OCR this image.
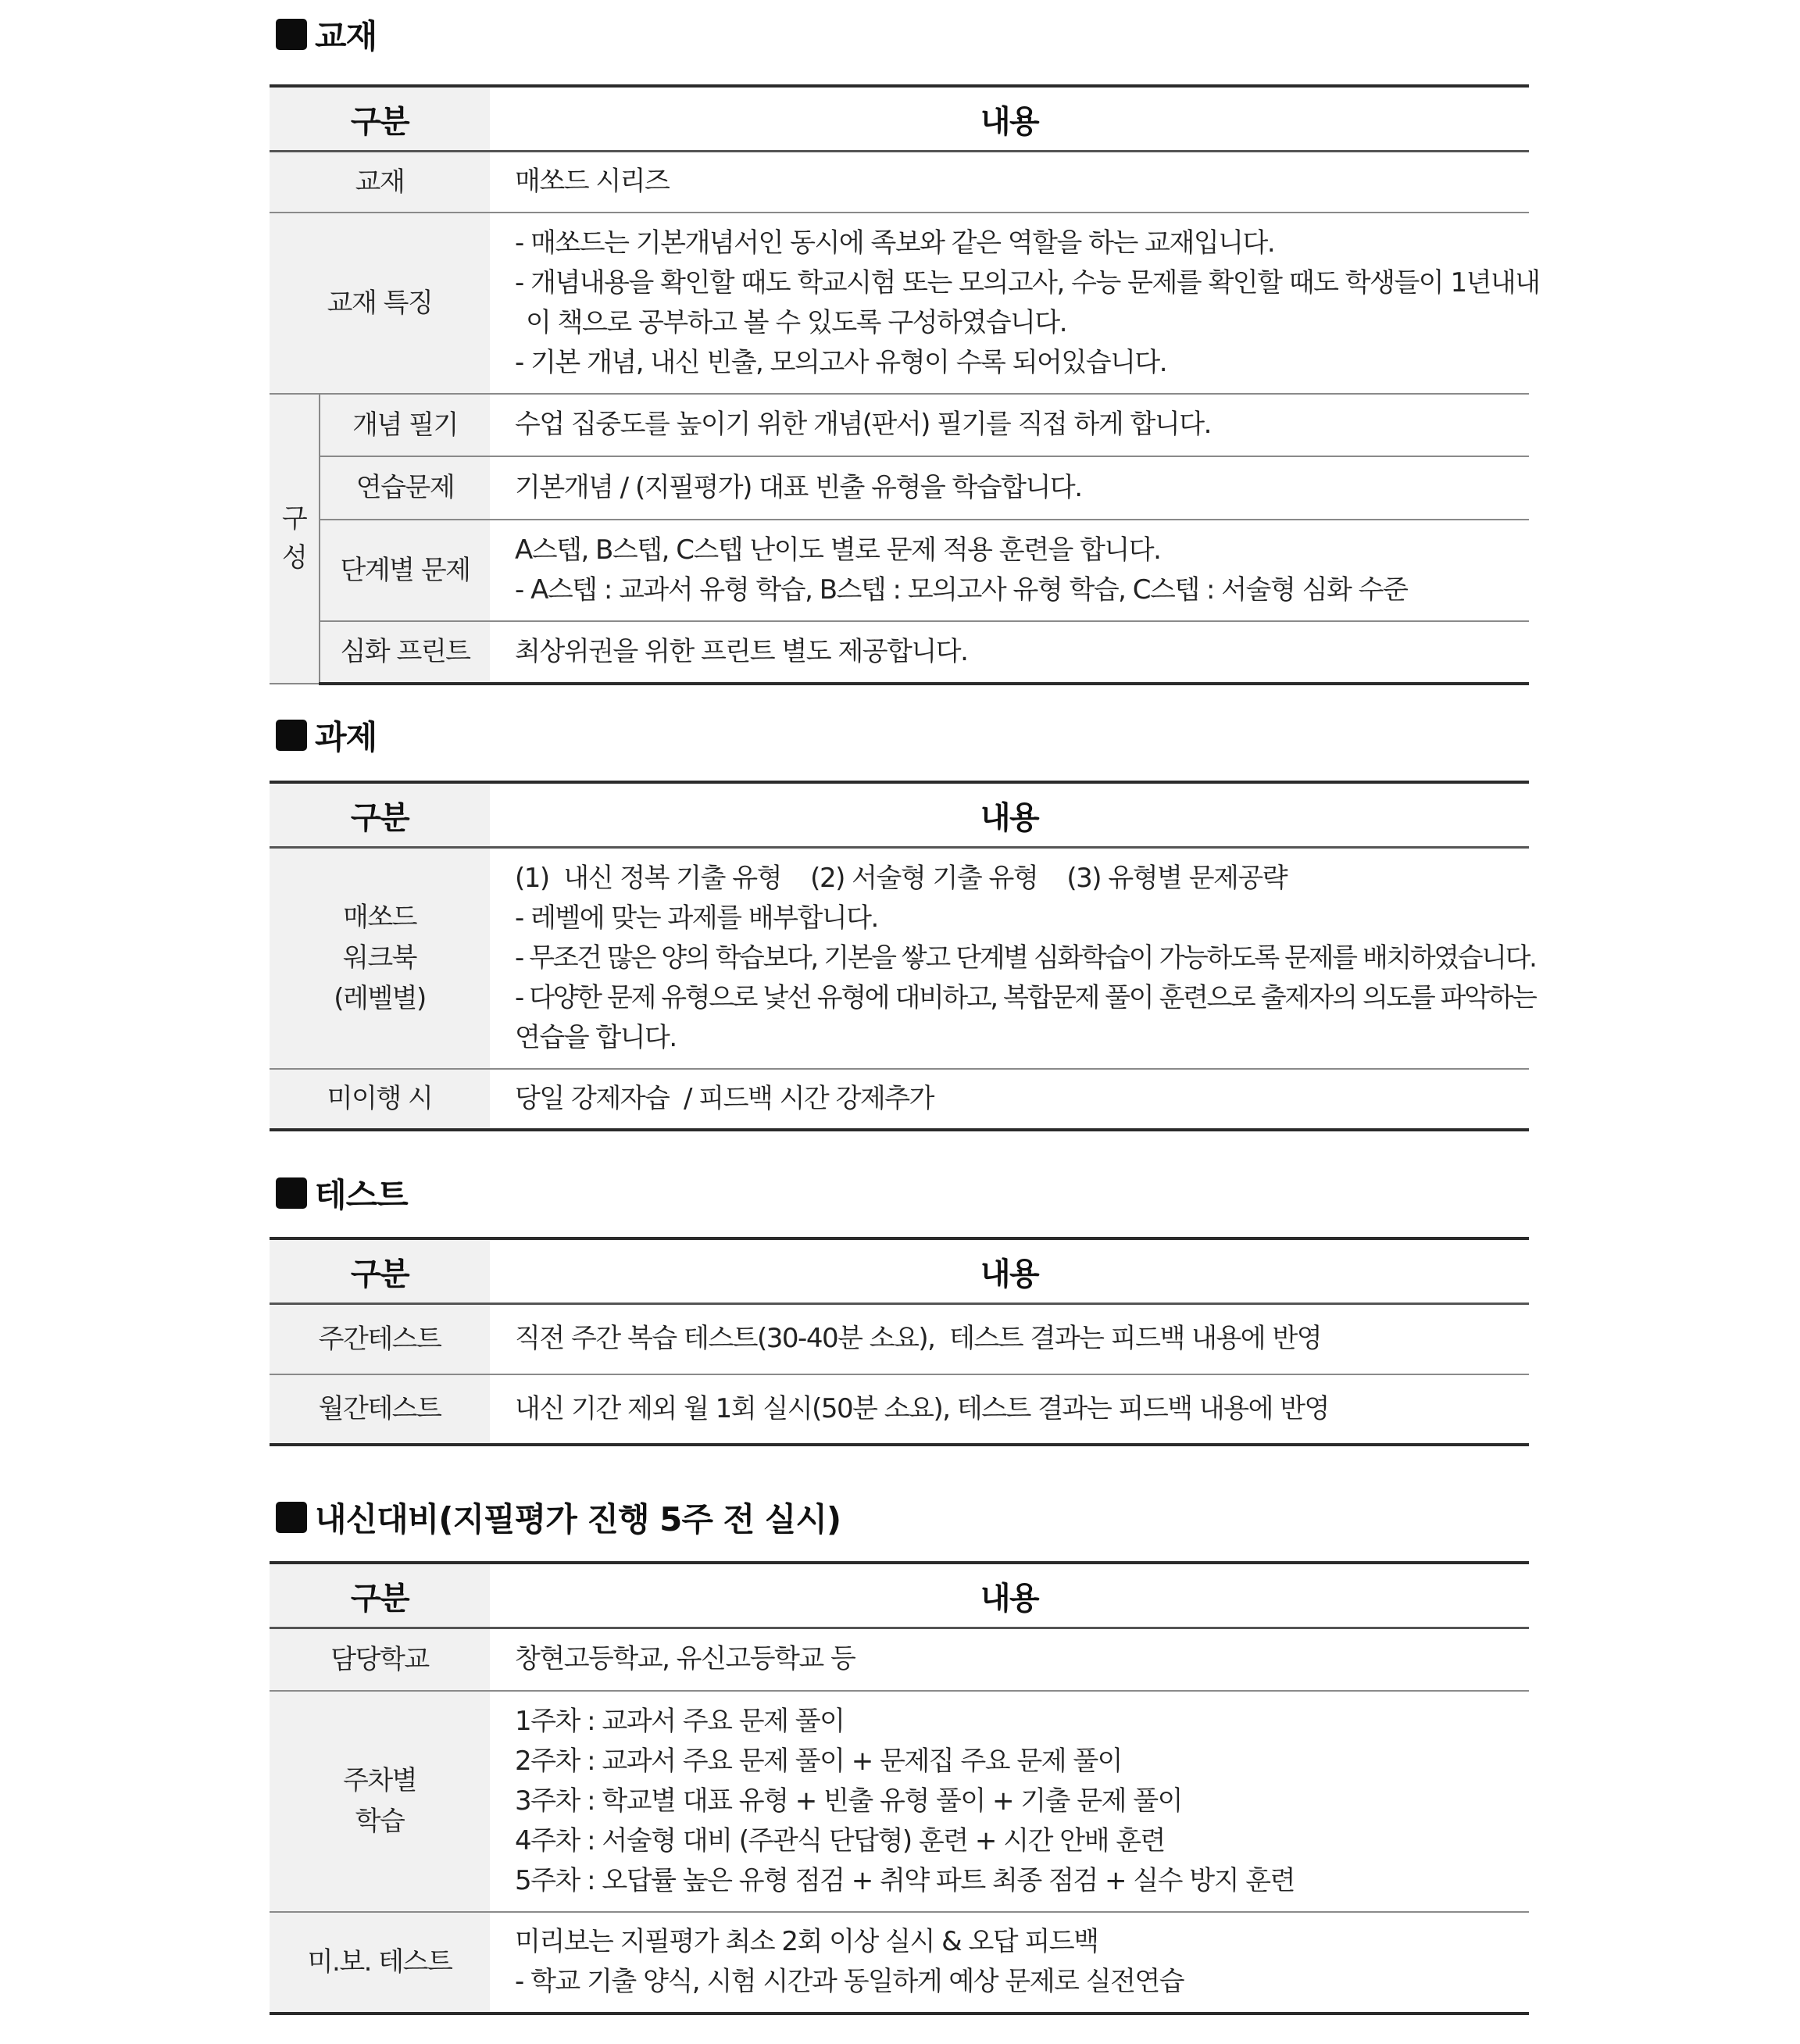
교재
구분		내용
교재		매쏘드 시리즈

교재 특징		- 매쏘드는 기본개념서인 동시에 족보와 같은 역할을 하는 교재입니다.
- 개념내용을 확인할 때도 학교시험 또는 모의고사, 수능 문제를 확인할 때도 학생들이 1년내내
이 책으로 공부하고 볼 수 있도록 구성하였습니다.
- 기본 개념, 내신 빈출, 모의고사 유형이 수록 되어있습니다.

구성	개념 필기	수업 집중도를 높이기 위한 개념(판서) 필기를 직접 하게 합니다.

	연습문제	기본개념 / (지필평가) 대표 빈출 유형을 학습합니다.

	단계별 문제	A스텝, B스텝, C스텝 난이도 별로 문제 적용 훈련을 합니다.
- A스텝 : 교과서 유형 학습, B스텝 : 모의고사 유형 학습, C스텝 : 서술형 심화 수준

	심화 프린트	최상위권을 위한 프린트 별도 제공합니다.
과제
구분	내용

매쏘드
워크북
(레벨별)	(1)  내신 정복 기출 유형    (2) 서술형 기출 유형    (3) 유형별 문제공략
- 레벨에 맞는 과제를 배부합니다.
- 무조건 많은 양의 학습보다, 기본을 쌓고 단계별 심화학습이 가능하도록 문제를 배치하였습니다.
- 다양한 문제 유형으로 낯선 유형에 대비하고, 복합문제 풀이 훈련으로 출제자의 의도를 파악하는
연습을 합니다.

미이행 시	당일 강제자습  / 피드백 시간 강제추가
테스트
구분	내용
주간테스트	직전 주간 복습 테스트(30-40분 소요),  테스트 결과는 피드백 내용에 반영

월간테스트	내신 기간 제외 월 1회 실시(50분 소요), 테스트 결과는 피드백 내용에 반영
내신대비(지필평가 진행 5주 전 실시)
구분	내용

담당학교	창현고등학교, 유신고등학교 등

주차별
학습	1주차 : 교과서 주요 문제 풀이
2주차 : 교과서 주요 문제 풀이 + 문제집 주요 문제 풀이
3주차 : 학교별 대표 유형 + 빈출 유형 풀이 + 기출 문제 풀이
4주차 : 서술형 대비 (주관식 단답형) 훈련 + 시간 안배 훈련
5주차 : 오답률 높은 유형 점검 + 취약 파트 최종 점검 + 실수 방지 훈련

미.보. 테스트	미리보는 지필평가 최소 2회 이상 실시 & 오답 피드백
- 학교 기출 양식, 시험 시간과 동일하게 예상 문제로 실전연습
